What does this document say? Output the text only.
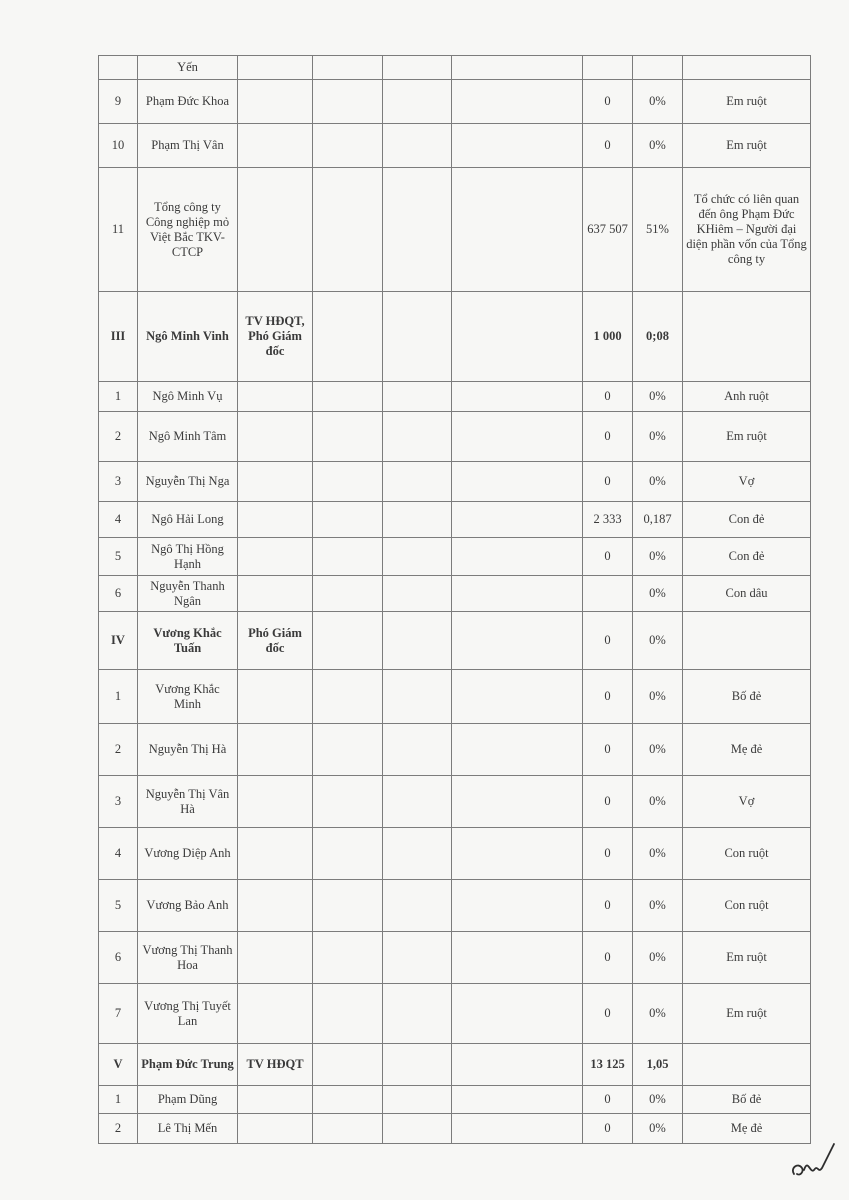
	Yến							
9	Phạm Đức Khoa					0	0%	Em ruột
10	Phạm Thị Vân					0	0%	Em ruột
11	Tổng công ty Công nghiệp mỏ Việt Bắc TKV-CTCP					637 507	51%	Tổ chức có liên quan đến ông Phạm Đức KHiêm – Người đại diện phần vốn của Tổng công ty
III	Ngô Minh Vinh	TV HĐQT, Phó Giám đốc				1 000	0;08	
1	Ngô Minh Vụ					0	0%	Anh ruột
2	Ngô Minh Tâm					0	0%	Em ruột
3	Nguyễn Thị Nga					0	0%	Vợ
4	Ngô Hải Long					2 333	0,187	Con đẻ
5	Ngô Thị Hồng Hạnh					0	0%	Con đẻ
6	Nguyễn Thanh Ngân						0%	Con dâu
IV	Vương Khắc Tuấn	Phó Giám đốc				0	0%	
1	Vương Khắc Minh					0	0%	Bố đẻ
2	Nguyễn Thị Hà					0	0%	Mẹ đẻ
3	Nguyễn Thị Vân Hà					0	0%	Vợ
4	Vương Diệp Anh					0	0%	Con ruột
5	Vương Bảo Anh					0	0%	Con ruột
6	Vương Thị Thanh Hoa					0	0%	Em ruột
7	Vương Thị Tuyết Lan					0	0%	Em ruột
V	Phạm Đức Trung	TV HĐQT				13 125	1,05	
1	Phạm Dũng					0	0%	Bố đẻ
2	Lê Thị Mến					0	0%	Mẹ đẻ
